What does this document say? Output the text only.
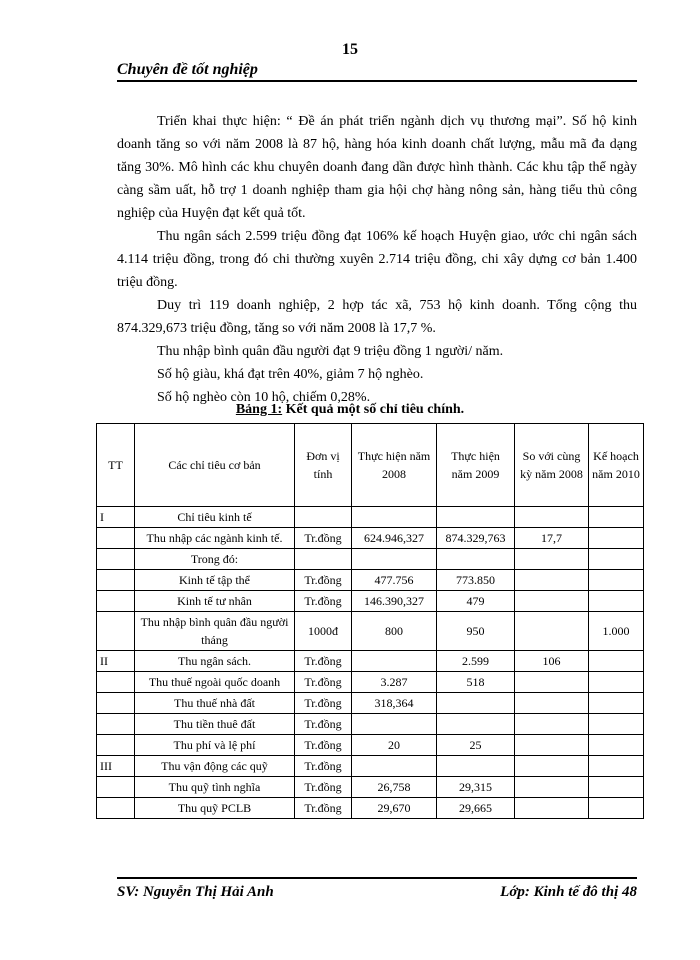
15
Chuyên đề tốt nghiệp

Triển khai thực hiện: “ Đề án phát triển ngành dịch vụ thương mại”. Số hộ kinh doanh tăng so với năm 2008 là 87 hộ, hàng hóa kinh doanh chất lượng, mẫu mã đa dạng tăng 30%. Mô hình các khu chuyên doanh đang dần được hình thành. Các khu tập thể ngày càng sầm uất, hỗ trợ 1 doanh nghiệp tham gia hội chợ hàng nông sản, hàng tiểu thủ công nghiệp của Huyện đạt kết quả tốt.

Thu ngân sách 2.599 triệu đồng đạt 106% kế hoạch Huyện giao, ước chi ngân sách 4.114 triệu đồng, trong đó chi thường xuyên 2.714 triệu đồng, chi xây dựng cơ bản 1.400 triệu đồng.

Duy trì 119 doanh nghiệp, 2 hợp tác xã, 753 hộ kinh doanh. Tổng cộng thu 874.329,673 triệu đồng, tăng so với năm 2008 là 17,7 %.

Thu nhập bình quân đầu người đạt 9 triệu đồng 1 người/ năm.

Số hộ giàu, khá đạt trên 40%, giảm 7 hộ nghèo.

Số hộ nghèo còn 10 hộ, chiếm 0,28%.

Bảng 1: Kết quả một số chỉ tiêu chính.
TT	Các chỉ tiêu cơ bản	Đơn vị tính	Thực hiện năm 2008	Thực hiện năm 2009	So với cùng kỳ năm 2008	Kế hoạch năm 2010
I	Chỉ tiêu kinh tế					
	Thu nhập các ngành kinh tế.	Tr.đồng	624.946,327	874.329,763	17,7	
	Trong đó:					
	Kinh tế tập thể	Tr.đồng	477.756	773.850		
	Kinh tế tư nhân	Tr.đồng	146.390,327	479		
	Thu nhập bình quân đầu người tháng	1000đ	800	950		1.000
II	Thu ngân sách.	Tr.đồng		2.599	106	
	Thu thuế ngoài quốc doanh	Tr.đồng	3.287	518		
	Thu thuế nhà đất	Tr.đồng	318,364			
	Thu tiền thuê đất	Tr.đồng				
	Thu phí và lệ phí	Tr.đồng	20	25		
III	Thu vận động các quỹ	Tr.đồng				
	Thu quỹ tình nghĩa	Tr.đồng	26,758	29,315		
	Thu quỹ PCLB	Tr.đồng	29,670	29,665		
SV: Nguyễn Thị Hải Anh	Lớp: Kinh tế đô thị 48
